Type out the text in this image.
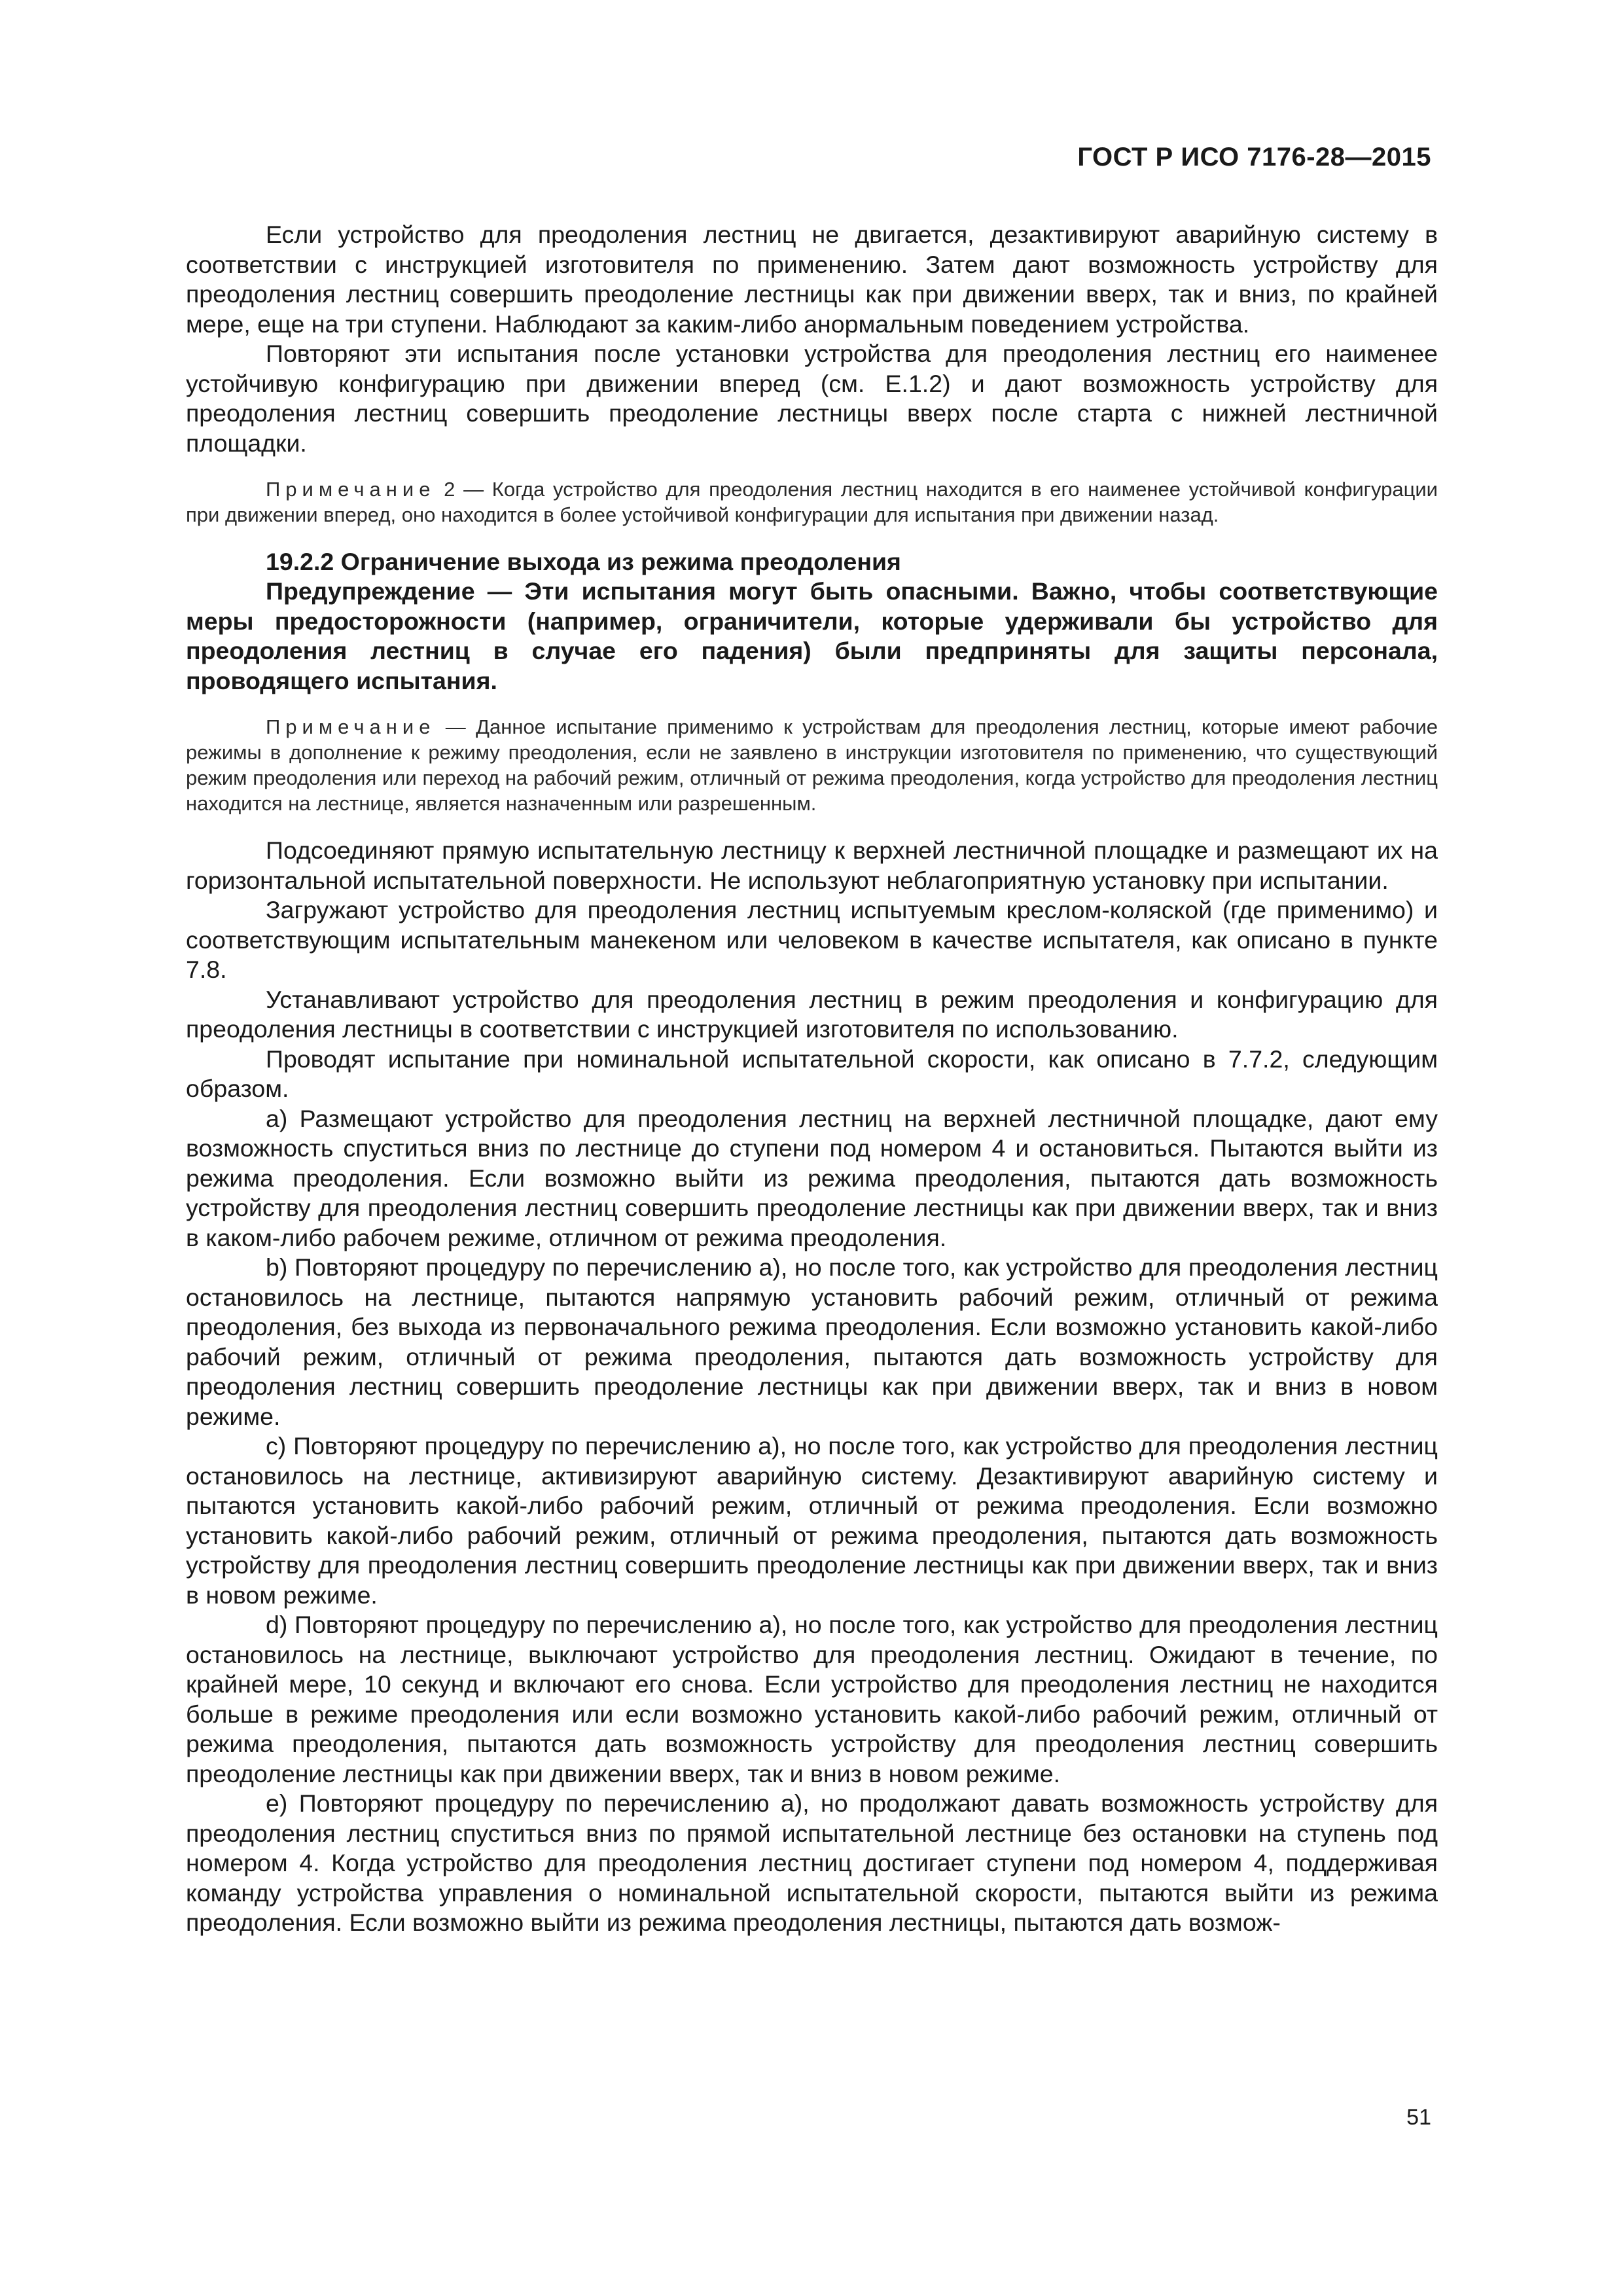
ГОСТ Р ИСО 7176-28—2015

Если устройство для преодоления лестниц не двигается, дезактивируют аварийную систему в соответствии с инструкцией изготовителя по применению. Затем дают возможность устройству для преодоления лестниц совершить преодоление лестницы как при движении вверх, так и вниз, по крайней мере, еще на три ступени. Наблюдают за каким-либо анормальным поведением устройства.

Повторяют эти испытания после установки устройства для преодоления лестниц его наименее устойчивую конфигурацию при движении вперед (см. Е.1.2) и дают возможность устройству для преодоления лестниц совершить преодоление лестницы вверх после старта с нижней лестничной площадки.

Примечание 2 — Когда устройство для преодоления лестниц находится в его наименее устойчивой конфигурации при движении вперед, оно находится в более устойчивой конфигурации для испытания при движении назад.

19.2.2 Ограничение выхода из режима преодоления

Предупреждение — Эти испытания могут быть опасными. Важно, чтобы соответствующие меры предосторожности (например, ограничители, которые удерживали бы устройство для преодоления лестниц в случае его падения) были предприняты для защиты персонала, проводящего испытания.

Примечание — Данное испытание применимо к устройствам для преодоления лестниц, которые имеют рабочие режимы в дополнение к режиму преодоления, если не заявлено в инструкции изготовителя по применению, что существующий режим преодоления или переход на рабочий режим, отличный от режима преодоления, когда устройство для преодоления лестниц находится на лестнице, является назначенным или разрешенным.

Подсоединяют прямую испытательную лестницу к верхней лестничной площадке и размещают их на горизонтальной испытательной поверхности. Не используют неблагоприятную установку при испытании.

Загружают устройство для преодоления лестниц испытуемым креслом-коляской (где применимо) и соответствующим испытательным манекеном или человеком в качестве испытателя, как описано в пункте 7.8.

Устанавливают устройство для преодоления лестниц в режим преодоления и конфигурацию для преодоления лестницы в соответствии с инструкцией изготовителя по использованию.

Проводят испытание при номинальной испытательной скорости, как описано в 7.7.2, следующим образом.

а) Размещают устройство для преодоления лестниц на верхней лестничной площадке, дают ему возможность спуститься вниз по лестнице до ступени под номером 4 и остановиться. Пытаются выйти из режима преодоления. Если возможно выйти из режима преодоления, пытаются дать возможность устройству для преодоления лестниц совершить преодоление лестницы как при движении вверх, так и вниз в каком-либо рабочем режиме, отличном от режима преодоления.

b) Повторяют процедуру по перечислению а), но после того, как устройство для преодоления лестниц остановилось на лестнице, пытаются напрямую установить рабочий режим, отличный от режима преодоления, без выхода из первоначального режима преодоления. Если возможно установить какой-либо рабочий режим, отличный от режима преодоления, пытаются дать возможность устройству для преодоления лестниц совершить преодоление лестницы как при движении вверх, так и вниз в новом режиме.

с) Повторяют процедуру по перечислению а), но после того, как устройство для преодоления лестниц остановилось на лестнице, активизируют аварийную систему. Дезактивируют аварийную систему и пытаются установить какой-либо рабочий режим, отличный от режима преодоления. Если возможно установить какой-либо рабочий режим, отличный от режима преодоления, пытаются дать возможность устройству для преодоления лестниц совершить преодоление лестницы как при движении вверх, так и вниз в новом режиме.

d) Повторяют процедуру по перечислению а), но после того, как устройство для преодоления лестниц остановилось на лестнице, выключают устройство для преодоления лестниц. Ожидают в течение, по крайней мере, 10 секунд и включают его снова. Если устройство для преодоления лестниц не находится больше в режиме преодоления или если возможно установить какой-либо рабочий режим, отличный от режима преодоления, пытаются дать возможность устройству для преодоления лестниц совершить преодоление лестницы как при движении вверх, так и вниз в новом режиме.

е) Повторяют процедуру по перечислению а), но продолжают давать возможность устройству для преодоления лестниц спуститься вниз по прямой испытательной лестнице без остановки на ступень под номером 4. Когда устройство для преодоления лестниц достигает ступени под номером 4, поддерживая команду устройства управления о номинальной испытательной скорости, пытаются выйти из режима преодоления. Если возможно выйти из режима преодоления лестницы, пытаются дать возмож-

51
